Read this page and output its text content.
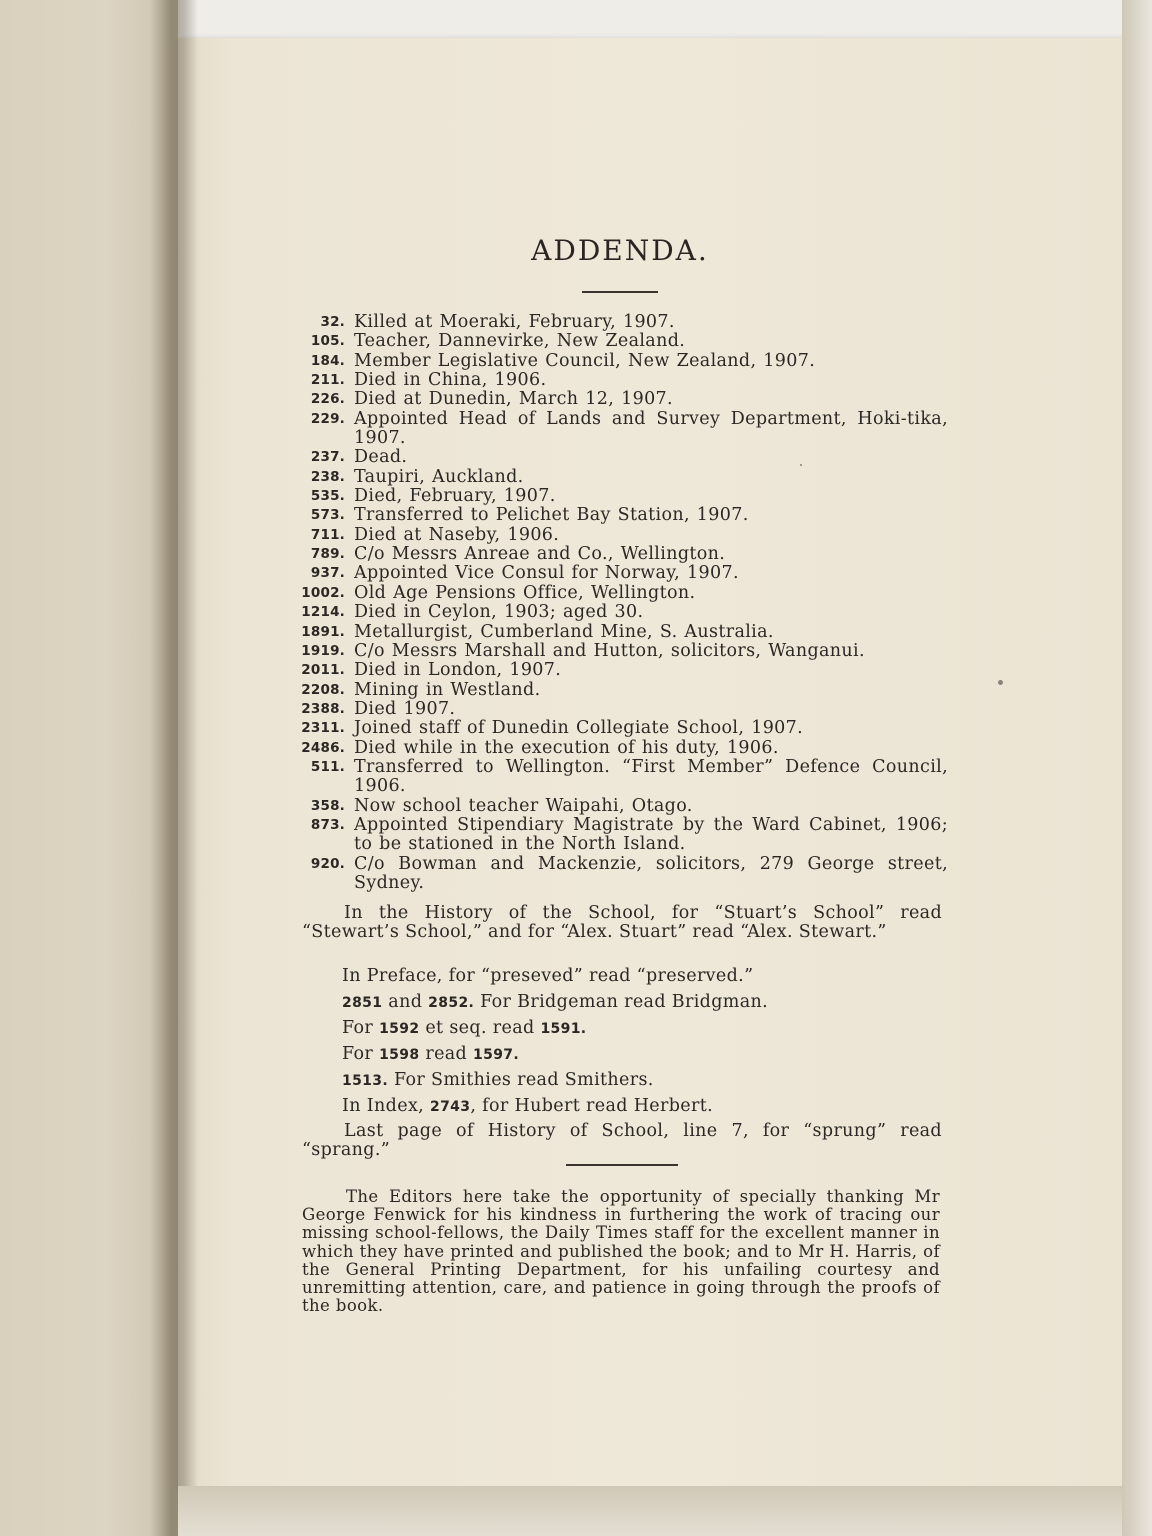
ADDENDA.
32. Killed at Moeraki, February, 1907.
105. Teacher, Dannevirke, New Zealand.
184. Member Legislative Council, New Zealand, 1907.
211. Died in China, 1906.
226. Died at Dunedin, March 12, 1907.
229. Appointed Head of Lands and Survey Department, Hoki-tika, 1907.
237. Dead.
238. Taupiri, Auckland.
535. Died, February, 1907.
573. Transferred to Pelichet Bay Station, 1907.
711. Died at Naseby, 1906.
789. C/o Messrs Anreae and Co., Wellington.
937. Appointed Vice Consul for Norway, 1907.
1002. Old Age Pensions Office, Wellington.
1214. Died in Ceylon, 1903; aged 30.
1891. Metallurgist, Cumberland Mine, S. Australia.
1919. C/o Messrs Marshall and Hutton, solicitors, Wanganui.
2011. Died in London, 1907.
2208. Mining in Westland.
2388. Died 1907.
2311. Joined staff of Dunedin Collegiate School, 1907.
2486. Died while in the execution of his duty, 1906.
511. Transferred to Wellington. “First Member” Defence Council, 1906.
358. Now school teacher Waipahi, Otago.
873. Appointed Stipendiary Magistrate by the Ward Cabinet, 1906; to be stationed in the North Island.
920. C/o Bowman and Mackenzie, solicitors, 279 George street, Sydney.
In the History of the School, for “Stuart’s School” read “Stewart’s School,” and for “Alex. Stuart” read “Alex. Stewart.”
In Preface, for “preseved” read “preserved.”
2851 and 2852. For Bridgeman read Bridgman.
For 1592 et seq. read 1591.
For 1598 read 1597.
1513. For Smithies read Smithers.
In Index, 2743, for Hubert read Herbert.
Last page of History of School, line 7, for “sprung” read “sprang.”
The Editors here take the opportunity of specially thanking Mr George Fenwick for his kindness in furthering the work of tracing our missing school-fellows, the Daily Times staff for the excellent manner in which they have printed and published the book; and to Mr H. Harris, of the General Printing Department, for his unfailing courtesy and unremitting attention, care, and patience in going through the proofs of the book.
